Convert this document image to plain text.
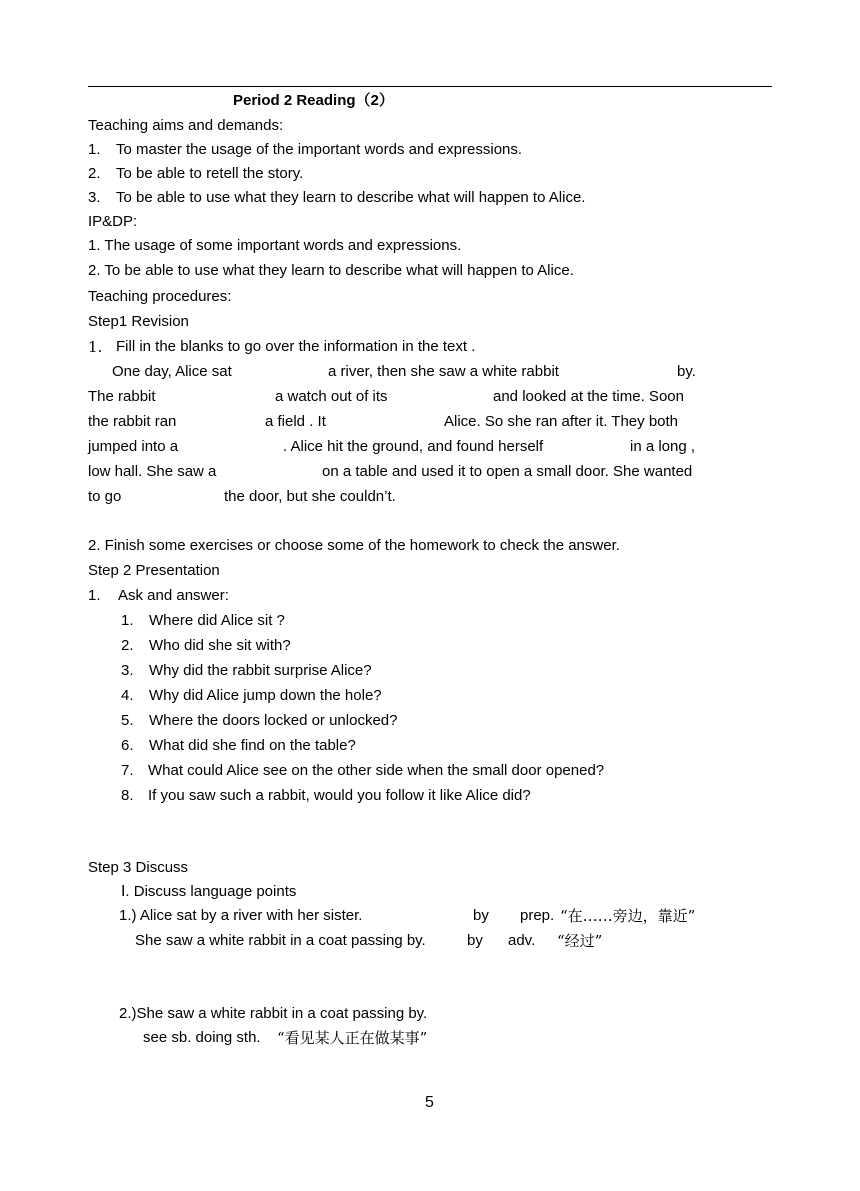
Period 2 Reading（2）
Teaching aims and demands:
1. To master the usage of the important words and expressions.
2. To be able to retell the story.
3. To be able to use what they learn to describe what will happen to Alice.
IP&DP:
1. The usage of some important words and expressions.
2. To be able to use what they learn to describe what will happen to Alice.
Teaching procedures:
Step1 Revision
1. Fill in the blanks to go over the information in the text .
One day, Alice sat	a river, then she saw a white rabbit	by.
The rabbit	a watch out of its	and looked at the time. Soon
the rabbit ran	a field . It	Alice. So she ran after it. They both
jumped into a	. Alice hit the ground, and found herself	in a long ,
low hall. She saw a	on a table and used it to open a small door. She wanted
to go	the door, but she couldn’t.
2. Finish some exercises or choose some of the homework to check the answer.
Step 2 Presentation
1. Ask and answer:
1. Where did Alice sit ?
2. Who did she sit with?
3. Why did the rabbit surprise Alice?
4. Why did Alice jump down the hole?
5. Where the doors locked or unlocked?
6. What did she find on the table?
7. What could Alice see on the other side when the small door opened?
8. If you saw such a rabbit, would you follow it like Alice did?
Step 3 Discuss
Ⅰ. Discuss language points
1.) Alice sat by a river with her sister.	by prep. “在……旁边，靠近”
She saw a white rabbit in a coat passing by.	by adv. “经过”
2.)She saw a white rabbit in a coat passing by.
see sb. doing sth. “看见某人正在做某事”
5
